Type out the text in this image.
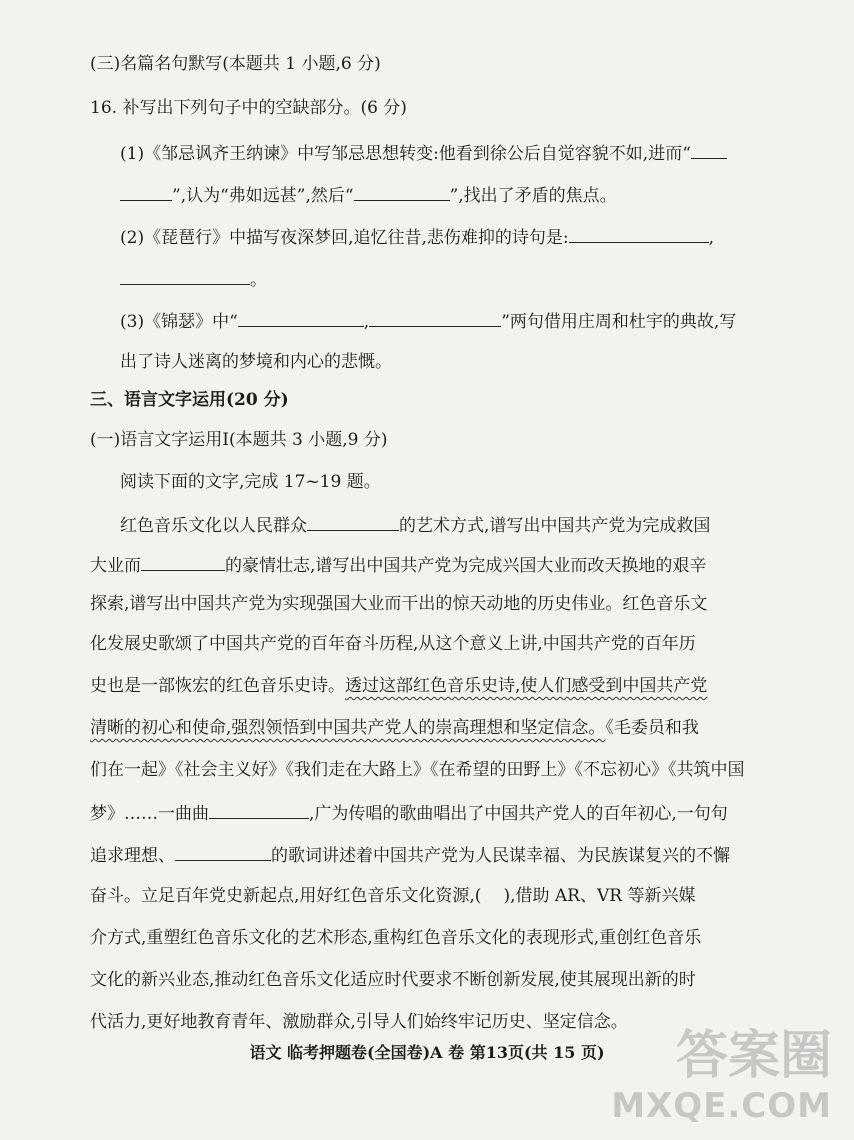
(三)名篇名句默写(本题共 1 小题,6 分)
16. 补写出下列句子中的空缺部分。(6 分)
(1)《邹忌讽齐王纳谏》中写邹忌思想转变:他看到徐公后自觉容貌不如,进而“
”,认为“弗如远甚”,然后“	”,找出了矛盾的焦点。
(2)《琵琶行》中描写夜深梦回,追忆往昔,悲伤难抑的诗句是:	,
。
(3)《锦瑟》中“	,	”两句借用庄周和杜宇的典故,写
出了诗人迷离的梦境和内心的悲慨。
三、语言文字运用(20 分)
(一)语言文字运用Ⅰ(本题共 3 小题,9 分)
阅读下面的文字,完成 17~19 题。
红色音乐文化以人民群众	的艺术方式,谱写出中国共产党为完成救国
大业而	的豪情壮志,谱写出中国共产党为完成兴国大业而改天换地的艰辛
探索,谱写出中国共产党为实现强国大业而干出的惊天动地的历史伟业。红色音乐文
化发展史歌颂了中国共产党的百年奋斗历程,从这个意义上讲,中国共产党的百年历
史也是一部恢宏的红色音乐史诗。透过这部红色音乐史诗,使人们感受到中国共产党
清晰的初心和使命,强烈领悟到中国共产党人的崇高理想和坚定信念。《毛委员和我
们在一起》《社会主义好》《我们走在大路上》《在希望的田野上》《不忘初心》《共筑中国
梦》……一曲曲	,广为传唱的歌曲唱出了中国共产党人的百年初心,一句句
追求理想、	的歌词讲述着中国共产党为人民谋幸福、为民族谋复兴的不懈
奋斗。立足百年党史新起点,用好红色音乐文化资源,( ),借助 AR、VR 等新兴媒
介方式,重塑红色音乐文化的艺术形态,重构红色音乐文化的表现形式,重创红色音乐
文化的新兴业态,推动红色音乐文化适应时代要求不断创新发展,使其展现出新的时
代活力,更好地教育青年、激励群众,引导人们始终牢记历史、坚定信念。
语文 临考押题卷(全国卷)A 卷 第13页(共 15 页)	答案圈
MXQE.COM
